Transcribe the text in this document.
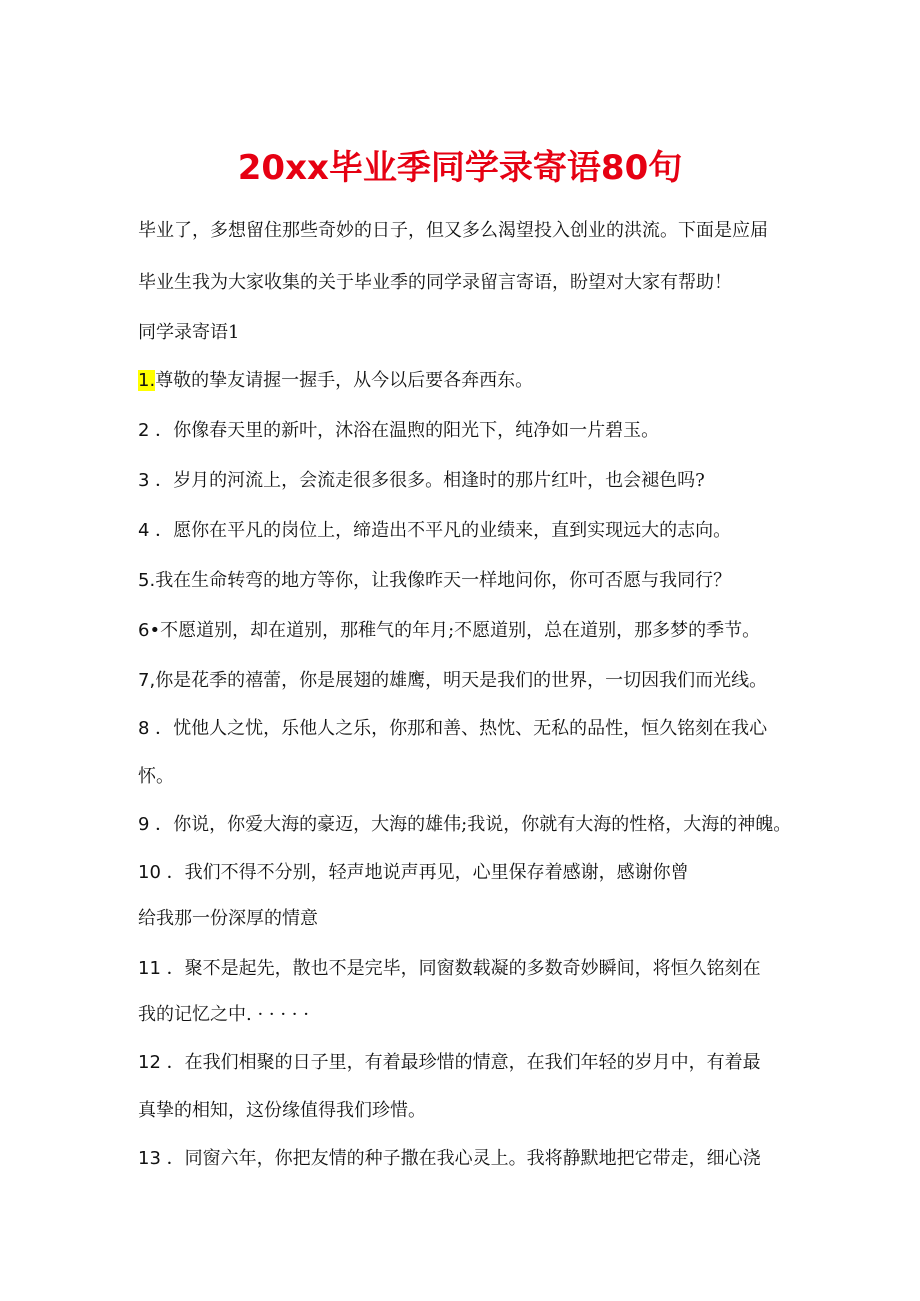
20xx毕业季同学录寄语80句
毕业了，多想留住那些奇妙的日子，但又多么渴望投入创业的洪流。下面是应届
毕业生我为大家收集的关于毕业季的同学录留言寄语，盼望对大家有帮助！
同学录寄语1
1.尊敬的挚友请握一握手，从今以后要各奔西东。
2 ．你像春天里的新叶，沐浴在温煦的阳光下，纯净如一片碧玉。
3 ．岁月的河流上，会流走很多很多。相逢时的那片红叶，也会褪色吗?
4 ．愿你在平凡的岗位上，缔造出不平凡的业绩来，直到实现远大的志向。
5.我在生命转弯的地方等你，让我像昨天一样地问你，你可否愿与我同行？
6•不愿道别，却在道别，那稚气的年月;不愿道别，总在道别，那多梦的季节。
7,你是花季的禧蕾，你是展翅的雄鹰，明天是我们的世界，一切因我们而光线。
8 ．忧他人之忧，乐他人之乐，你那和善、热忱、无私的品性，恒久铭刻在我心
怀。
9 ．你说，你爱大海的豪迈，大海的雄伟;我说，你就有大海的性格，大海的神魄。
10 ．我们不得不分别，轻声地说声再见，心里保存着感谢，感谢你曾
给我那一份深厚的情意
11 ．聚不是起先，散也不是完毕，同窗数载凝的多数奇妙瞬间，将恒久铭刻在
我的记忆之中. · · · · ·
12 ．在我们相聚的日子里，有着最珍惜的情意，在我们年轻的岁月中，有着最
真挚的相知，这份缘值得我们珍惜。
13 ．同窗六年，你把友情的种子撒在我心灵上。我将静默地把它带走，细心浇
